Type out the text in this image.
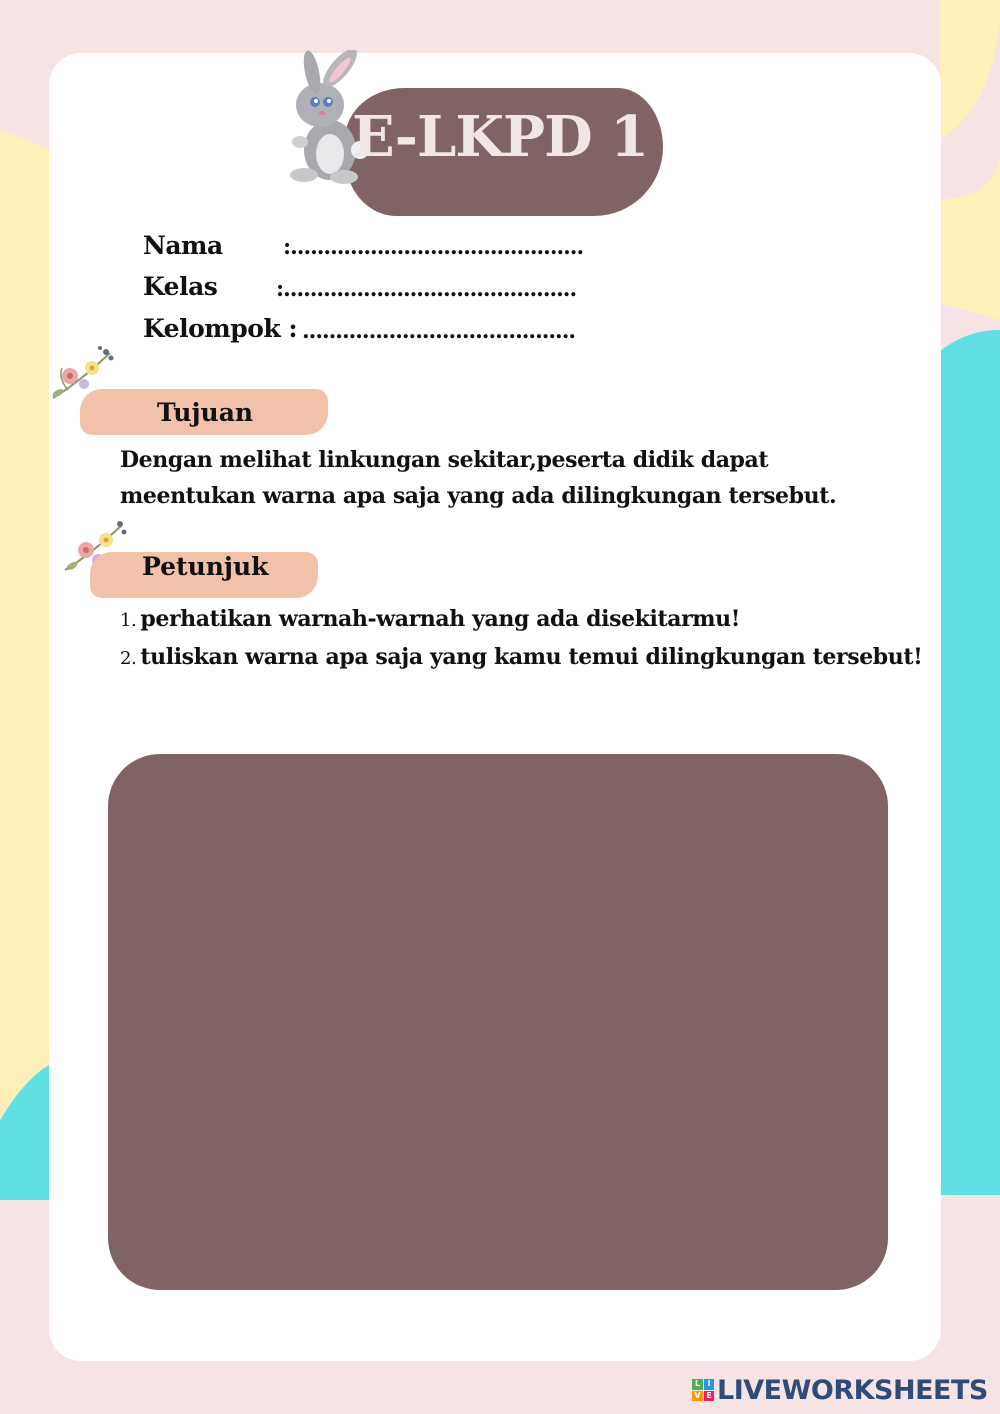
E-LKPD 1
Nama	:............................................
Kelas	:............................................
Kelompok : .........................................
Tujuan
Dengan melihat linkungan sekitar,peserta didik dapat
meentukan warna apa saja yang ada dilingkungan tersebut.
Petunjuk
1. perhatikan warnah-warnah yang ada disekitarmu!
2. tuliskan warna apa saja yang kamu temui dilingkungan tersebut!
L I
V E LIVEWORKSHEETS
